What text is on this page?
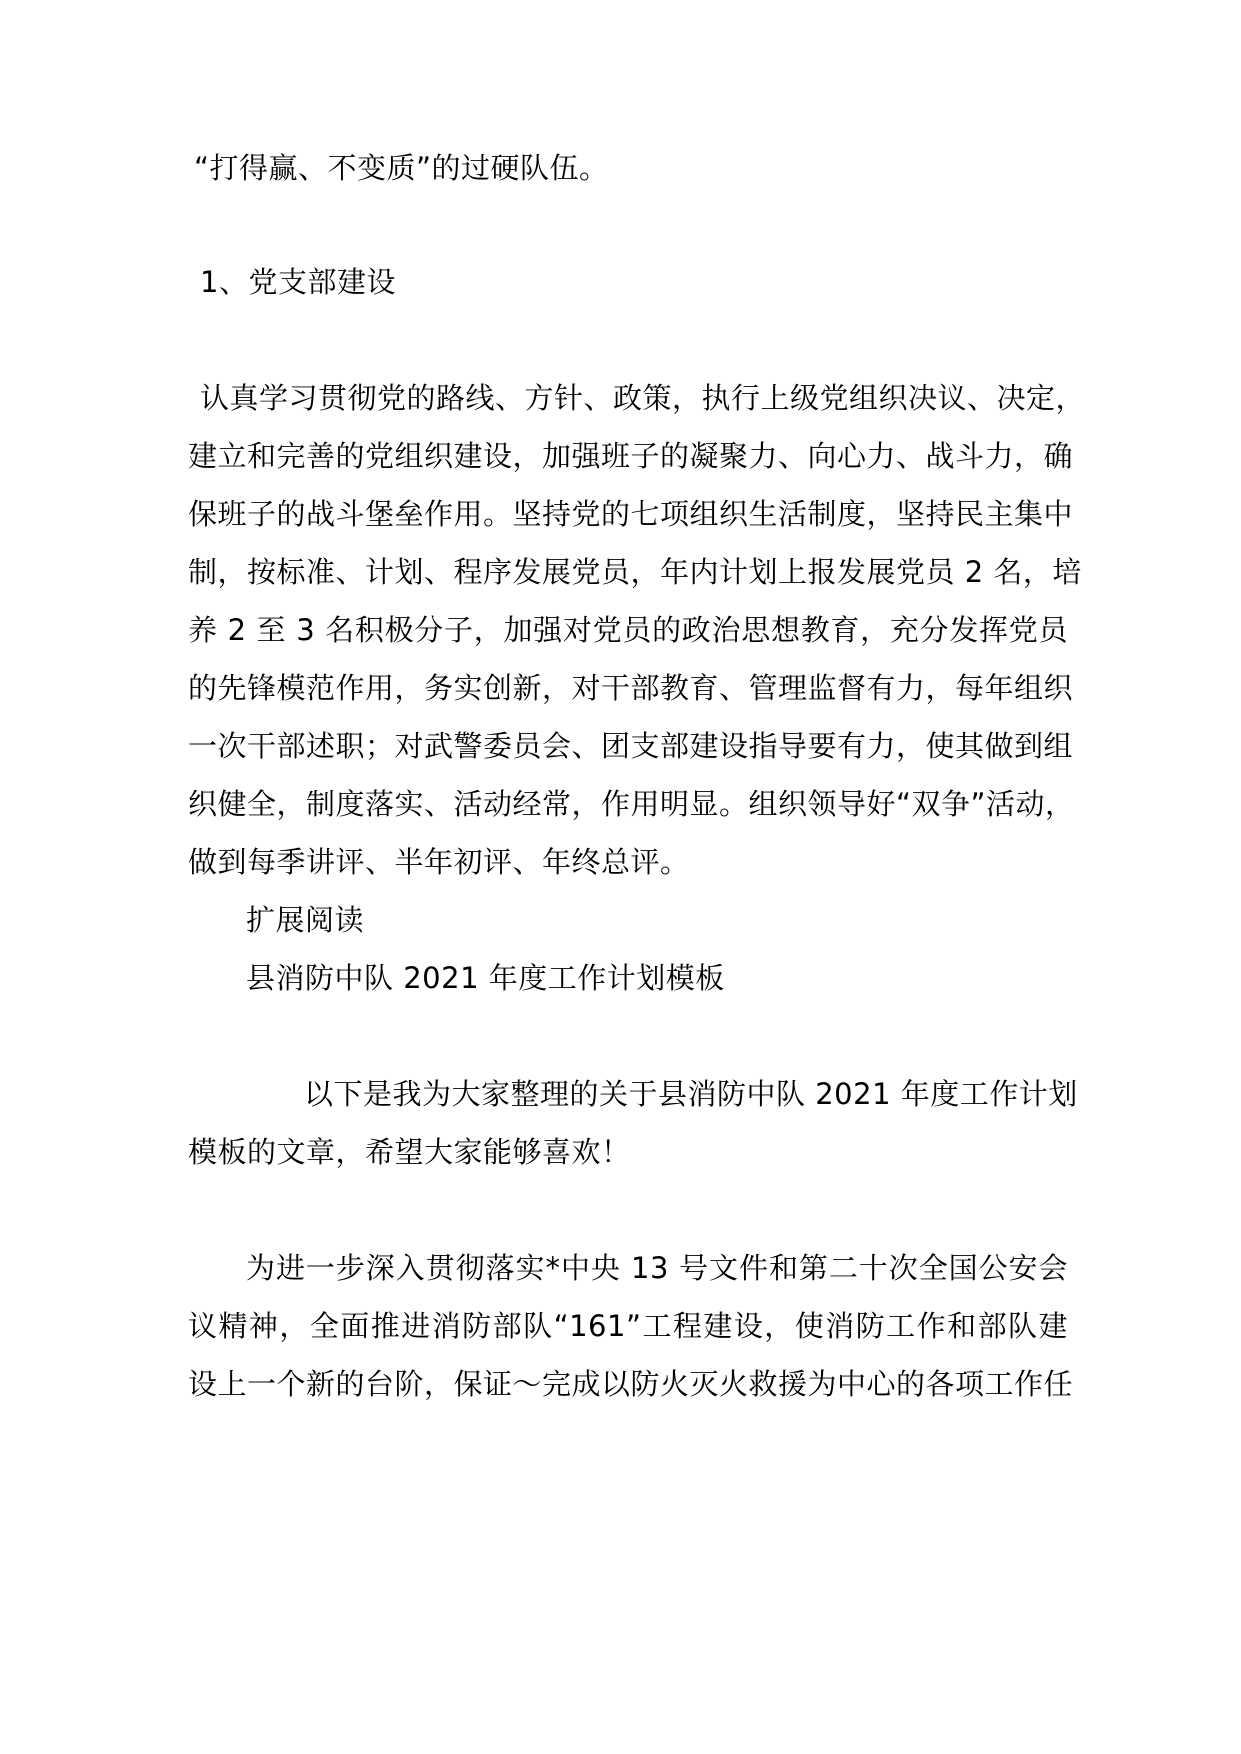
“打得赢、不变质”的过硬队伍。
1、党支部建设
认真学习贯彻党的路线、方针、政策，执行上级党组织决议、决定，
建立和完善的党组织建设，加强班子的凝聚力、向心力、战斗力，确
保班子的战斗堡垒作用。坚持党的七项组织生活制度，坚持民主集中
制，按标准、计划、程序发展党员，年内计划上报发展党员 2 名，培
养 2 至 3 名积极分子，加强对党员的政治思想教育，充分发挥党员
的先锋模范作用，务实创新，对干部教育、管理监督有力，每年组织
一次干部述职；对武警委员会、团支部建设指导要有力，使其做到组
织健全，制度落实、活动经常，作用明显。组织领导好“双争”活动，
做到每季讲评、半年初评、年终总评。
扩展阅读
县消防中队 2021 年度工作计划模板
以下是我为大家整理的关于县消防中队 2021 年度工作计划
模板的文章，希望大家能够喜欢！
为进一步深入贯彻落实*中央 13 号文件和第二十次全国公安会
议精神，全面推进消防部队“161”工程建设，使消防工作和部队建
设上一个新的台阶，保证～完成以防火灭火救援为中心的各项工作任
